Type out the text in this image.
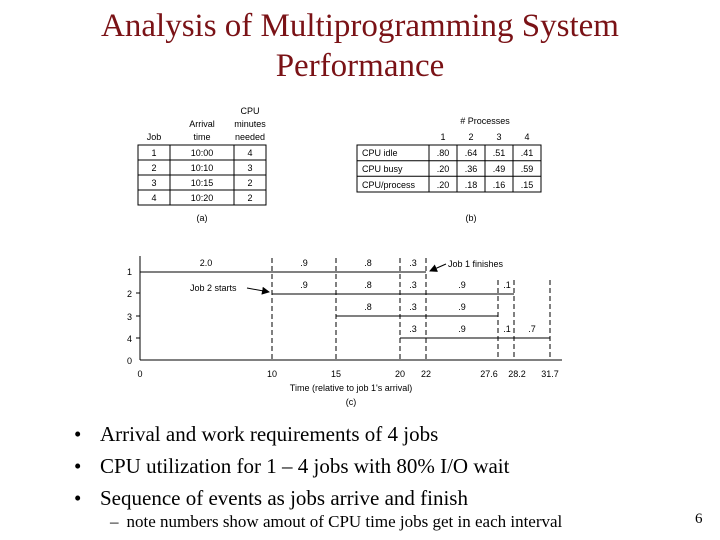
Analysis of Multiprogramming System
Performance
Job
Arrival
time
CPU
minutes
needed
1	10:00	4
2	10:10	3
3	10:15	2
4	10:20	2
(a)
# Processes
1	2	3	4
CPU idle	.80 .64 .51 .41
CPU busy	.20 .36 .49 .59
CPU/process .20 .18 .16 .15
(b)
1
2
3
4
0
2.0	.9	.8	.3
.9	.8	.3	.9	.1
.8	.3	.9
.3	.9	.1 .7
Job 1 finishes
Job 2 starts
0	10	15	20 22	27.6 28.2 31.7
Time (relative to job 1's arrival)
(c)
• Arrival and work requirements of 4 jobs
• CPU utilization for 1 – 4 jobs with 80% I/O wait
• Sequence of events as jobs arrive and finish
– note numbers show amout of CPU time jobs get in each interval	6
